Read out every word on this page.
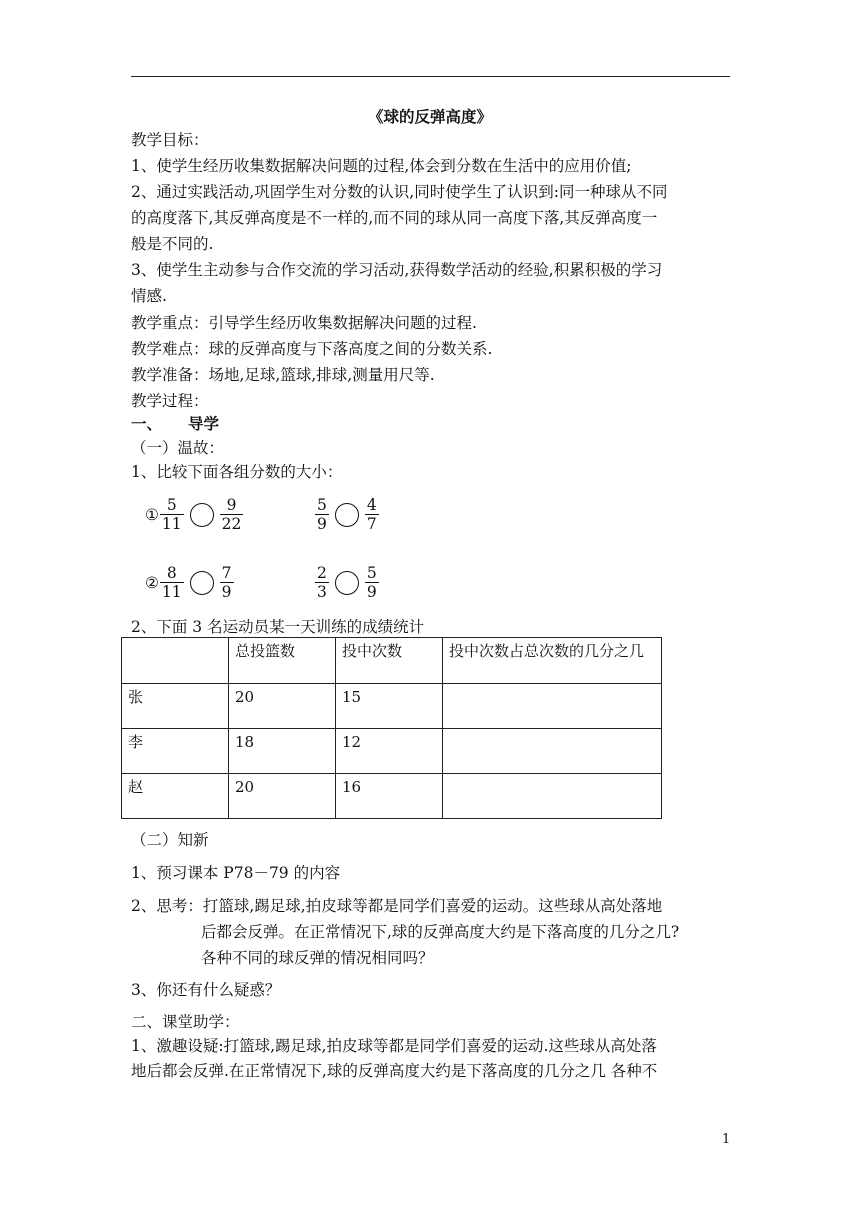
《球的反弹高度》
教学目标：
1、使学生经历收集数据解决问题的过程,体会到分数在生活中的应用价值;
2、通过实践活动,巩固学生对分数的认识,同时使学生了认识到:同一种球从不同
的高度落下,其反弹高度是不一样的,而不同的球从同一高度下落,其反弹高度一
般是不同的.
3、使学生主动参与合作交流的学习活动,获得数学活动的经验,积累积极的学习
情感.
教学重点：引导学生经历收集数据解决问题的过程.
教学难点：球的反弹高度与下落高度之间的分数关系.
教学准备：场地,足球,篮球,排球,测量用尺等.
教学过程：
一、 导学
（一）温故：
1、比较下面各组分数的大小：
① $\frac{5}{11} \frac{9}{22}$	$\frac{5}{9} \frac{4}{7}$
② $\frac{8}{11} \frac{7}{9}$	$\frac{2}{3} \frac{5}{9}$
2、下面 3 名运动员某一天训练的成绩统计
	总投篮数	投中次数	投中次数占总次数的几分之几
张	20	15	
李	18	12	
赵	20	16	
（二）知新
1、预习课本 P78－79 的内容
2、思考：打篮球,踢足球,拍皮球等都是同学们喜爱的运动。这些球从高处落地
后都会反弹。在正常情况下,球的反弹高度大约是下落高度的几分之几?
各种不同的球反弹的情况相同吗？
3、你还有什么疑惑？
二、课堂助学：
1、激趣设疑:打篮球,踢足球,拍皮球等都是同学们喜爱的运动.这些球从高处落
地后都会反弹.在正常情况下,球的反弹高度大约是下落高度的几分之几 各种不
1
